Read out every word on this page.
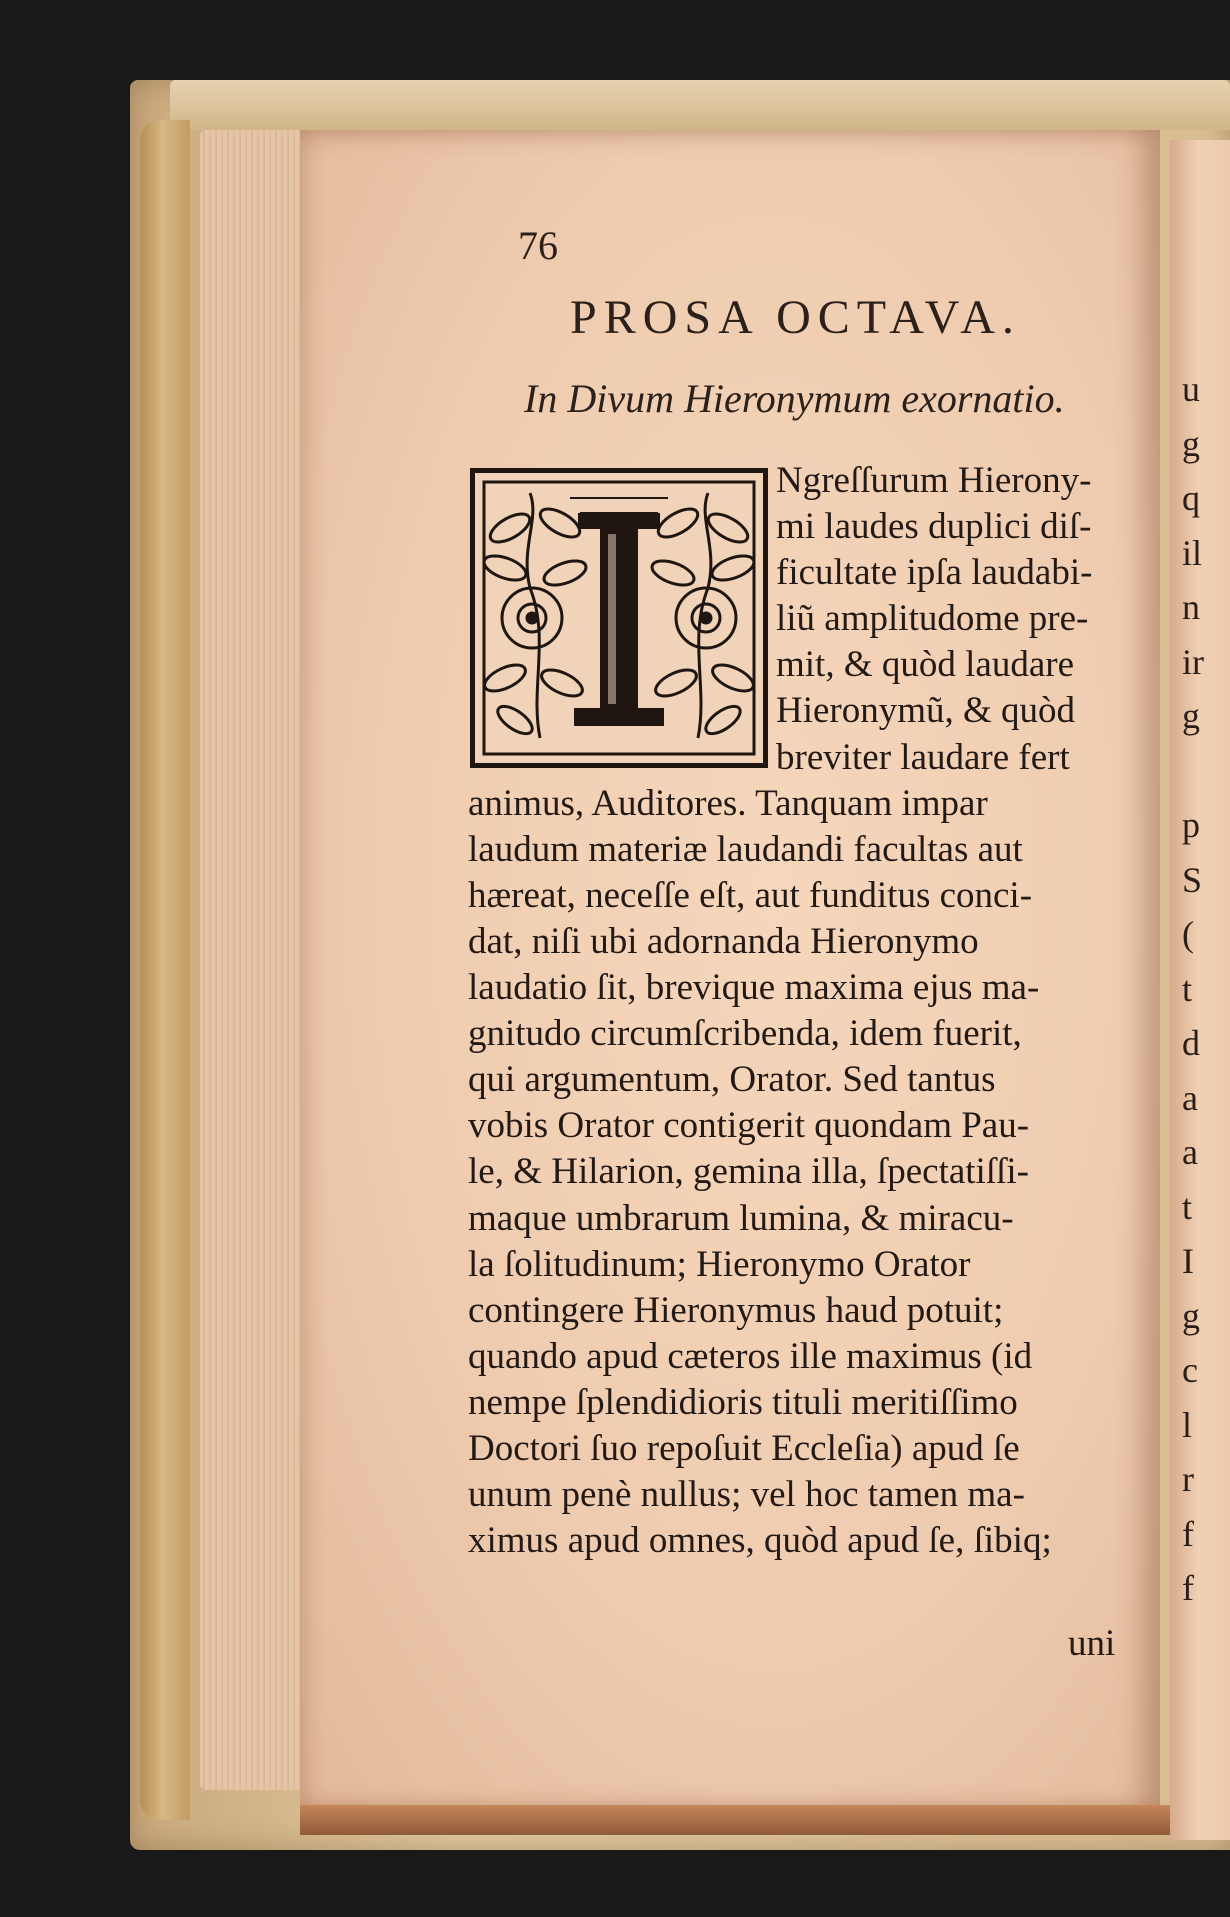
u
g
q
il
n
ir
g
p
S
(
t
d
a
a
t
I
g
c
l
r
f
f
76
PROSA OCTAVA.
In Divum Hieronymum exornatio.
Ngreſſurum Hierony-
mi laudes duplici diſ-
ficultate ipſa laudabi-
liũ amplitudome pre-
mit, & quòd laudare
Hieronymũ, & quòd
breviter laudare fert
animus, Auditores. Tanquam impar
laudum materiæ laudandi facultas aut
hæreat, neceſſe eſt, aut funditus conci-
dat, niſi ubi adornanda Hieronymo
laudatio ſit, brevique maxima ejus ma-
gnitudo circumſcribenda, idem fuerit,
qui argumentum, Orator. Sed tantus
vobis Orator contigerit quondam Pau-
le, & Hilarion, gemina illa, ſpectatiſſi-
maque umbrarum lumina, & miracu-
la ſolitudinum; Hieronymo Orator
contingere Hieronymus haud potuit;
quando apud cæteros ille maximus (id
nempe ſplendidioris tituli meritiſſimo
Doctori ſuo repoſuit Eccleſia) apud ſe
unum penè nullus; vel hoc tamen ma-
ximus apud omnes, quòd apud ſe, ſibiq;
uni
